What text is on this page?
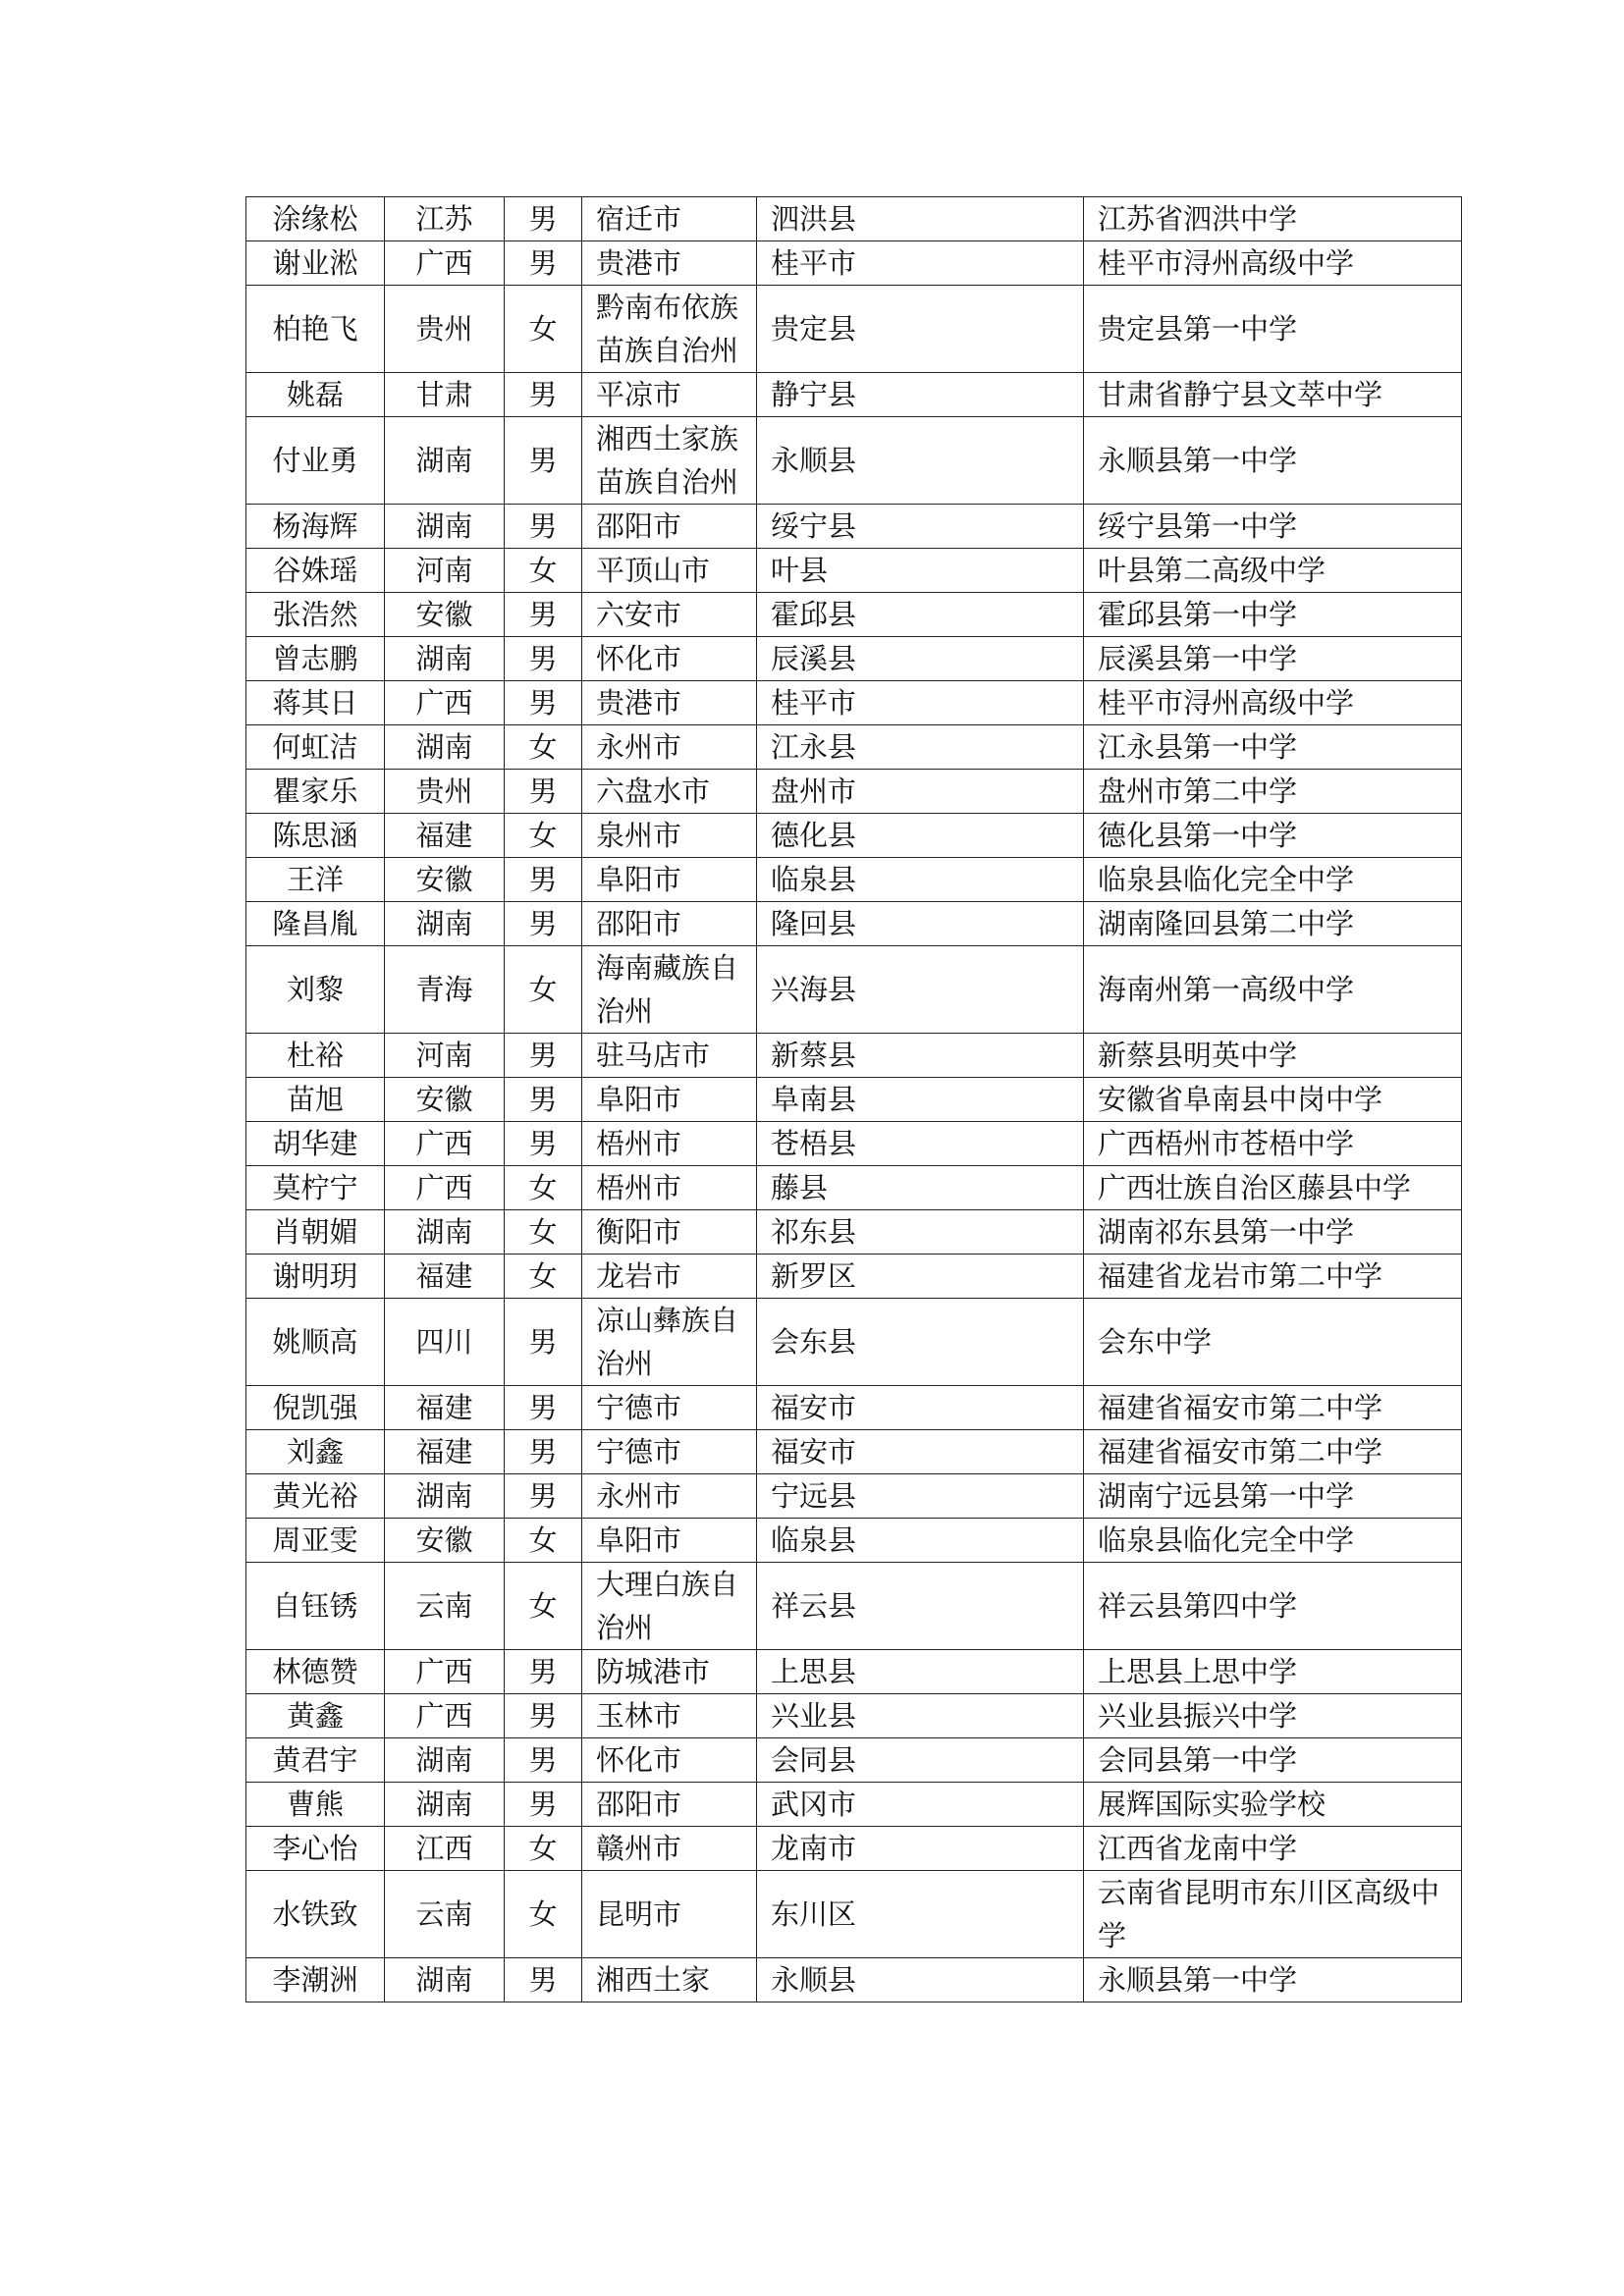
涂缘松	江苏	男	宿迁市	泗洪县	江苏省泗洪中学
谢业淞	广西	男	贵港市	桂平市	桂平市浔州高级中学
柏艳飞	贵州	女	黔南布依族苗族自治州	贵定县	贵定县第一中学
姚磊	甘肃	男	平凉市	静宁县	甘肃省静宁县文萃中学
付业勇	湖南	男	湘西土家族苗族自治州	永顺县	永顺县第一中学
杨海辉	湖南	男	邵阳市	绥宁县	绥宁县第一中学
谷姝瑶	河南	女	平顶山市	叶县	叶县第二高级中学
张浩然	安徽	男	六安市	霍邱县	霍邱县第一中学
曾志鹏	湖南	男	怀化市	辰溪县	辰溪县第一中学
蒋其日	广西	男	贵港市	桂平市	桂平市浔州高级中学
何虹洁	湖南	女	永州市	江永县	江永县第一中学
瞿家乐	贵州	男	六盘水市	盘州市	盘州市第二中学
陈思涵	福建	女	泉州市	德化县	德化县第一中学
王洋	安徽	男	阜阳市	临泉县	临泉县临化完全中学
隆昌胤	湖南	男	邵阳市	隆回县	湖南隆回县第二中学
刘黎	青海	女	海南藏族自治州	兴海县	海南州第一高级中学
杜裕	河南	男	驻马店市	新蔡县	新蔡县明英中学
苗旭	安徽	男	阜阳市	阜南县	安徽省阜南县中岗中学
胡华建	广西	男	梧州市	苍梧县	广西梧州市苍梧中学
莫柠宁	广西	女	梧州市	藤县	广西壮族自治区藤县中学
肖朝媚	湖南	女	衡阳市	祁东县	湖南祁东县第一中学
谢明玥	福建	女	龙岩市	新罗区	福建省龙岩市第二中学
姚顺高	四川	男	凉山彝族自治州	会东县	会东中学
倪凯强	福建	男	宁德市	福安市	福建省福安市第二中学
刘鑫	福建	男	宁德市	福安市	福建省福安市第二中学
黄光裕	湖南	男	永州市	宁远县	湖南宁远县第一中学
周亚雯	安徽	女	阜阳市	临泉县	临泉县临化完全中学
自钰锈	云南	女	大理白族自治州	祥云县	祥云县第四中学
林德赞	广西	男	防城港市	上思县	上思县上思中学
黄鑫	广西	男	玉林市	兴业县	兴业县振兴中学
黄君宇	湖南	男	怀化市	会同县	会同县第一中学
曹熊	湖南	男	邵阳市	武冈市	展辉国际实验学校
李心怡	江西	女	赣州市	龙南市	江西省龙南中学
水铁致	云南	女	昆明市	东川区	云南省昆明市东川区高级中学
李潮洲	湖南	男	湘西土家	永顺县	永顺县第一中学
